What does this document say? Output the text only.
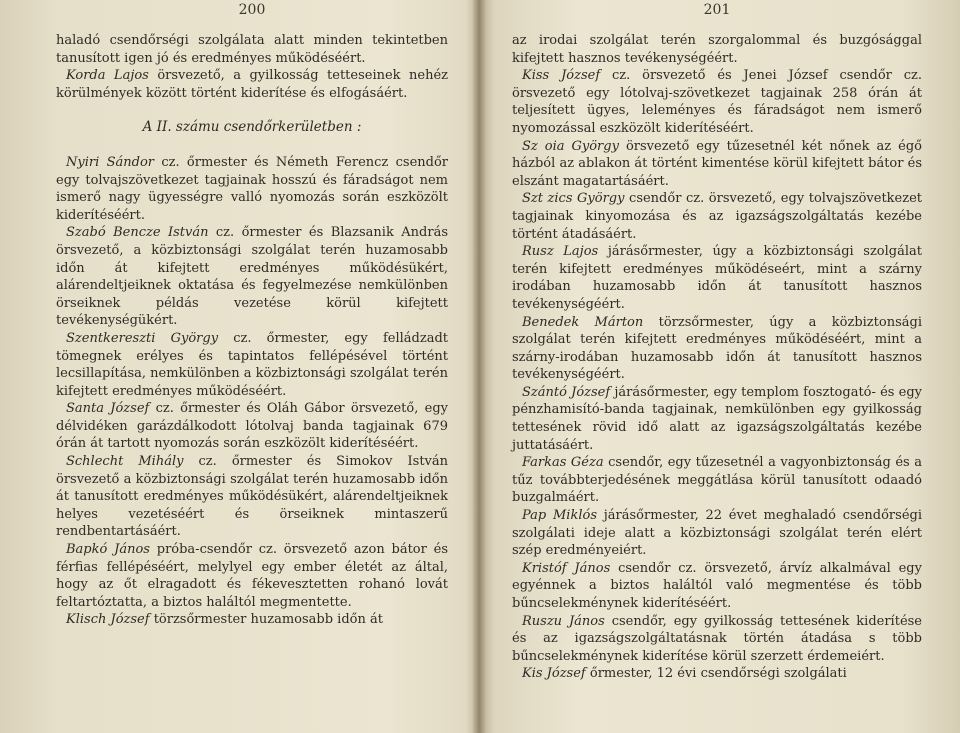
200

haladó csendőrségi szolgálata alatt minden tekintetben tanusított igen jó és eredményes működéséért.

Korda Lajos örsvezető, a gyilkosság tetteseinek nehéz körülmények között történt kiderítése és elfogásáért.

A II. számu csendőrkerületben :

Nyiri Sándor cz. őrmester és Németh Ferencz csendőr egy tolvajszövetkezet tagjainak hosszú és fáradságot nem ismerő nagy ügyességre valló nyomozás során eszközölt kiderítéséért.

Szabó Bencze István cz. őrmester és Blazsanik András örsvezető, a közbiztonsági szolgálat terén huzamosabb időn át kifejtett eredményes működésükért, alárendeltjeiknek oktatása és fegyelmezése nemkülönben örseiknek példás vezetése körül kifejtett tevékenységükért.

Szentkereszti György cz. őrmester, egy felládzadt tömegnek erélyes és tapintatos fellépésével történt lecsillapítása, nemkülönben a közbiztonsági szolgálat terén kifejtett eredményes működéséért.

Santa József cz. őrmester és Oláh Gábor örsvezető, egy délvidéken garázdálkodott lótolvaj banda tagjainak 679 órán át tartott nyomozás során eszközölt kiderítéséért.

Schlecht Mihály cz. őrmester és Simokov István örsvezető a közbiztonsági szolgálat terén huzamosabb időn át tanusított eredményes működésükért, alárendeltjeiknek helyes vezetéséért és örseiknek mintaszerű rendbentartásáért.

Bapkó János próba-csendőr cz. örsvezető azon bátor és férfias fellépéséért, melylyel egy ember életét az által, hogy az őt elragadott és fékevesztetten rohanó lovát feltartóztatta, a biztos haláltól megmentette.

Klisch József törzsőrmester huzamosabb időn át

201

az irodai szolgálat terén szorgalommal és buzgósággal kifejtett hasznos tevékenységéért.

Kiss József cz. örsvezető és Jenei József csendőr cz. örsvezető egy lótolvaj-szövetkezet tagjainak 258 órán át teljesített ügyes, leleményes és fáradságot nem ismerő nyomozással eszközölt kiderítéséért.

Sz oia György örsvezető egy tűzesetnél két nőnek az égő házból az ablakon át történt kimentése körül kifejtett bátor és elszánt magatartásáért.

Szt zics György csendőr cz. örsvezető, egy tolvajszövetkezet tagjainak kinyomozása és az igazságszolgáltatás kezébe történt átadásáért.

Rusz Lajos járásőrmester, úgy a közbiztonsági szolgálat terén kifejtett eredményes működéseért, mint a szárny irodában huzamosabb időn át tanusított hasznos tevékenységéért.

Benedek Márton törzsőrmester, úgy a közbiztonsági szolgálat terén kifejtett eredményes működéséért, mint a szárny-irodában huzamosabb időn át tanusított hasznos tevékenységéért.

Szántó József járásőrmester, egy templom fosztogató- és egy pénzhamisító-banda tagjainak, nemkülönben egy gyilkosság tettesének rövid idő alatt az igazságszolgáltatás kezébe juttatásáért.

Farkas Géza csendőr, egy tűzesetnél a vagyonbiztonság és a tűz továbbterjedésének meggátlása körül tanusított odaadó buzgalmáért.

Pap Miklós járásőrmester, 22 évet meghaladó csendőrségi szolgálati ideje alatt a közbiztonsági szolgálat terén elért szép eredményeiért.

Kristóf János csendőr cz. örsvezető, árvíz alkalmával egy egyénnek a biztos haláltól való megmentése és több bűncselekménynek kiderítéséért.

Ruszu János csendőr, egy gyilkosság tettesének kiderítése és az igazságszolgáltatásnak történ átadása s több bűncselekménynek kiderítése körül szerzett érdemeiért.

Kis József őrmester, 12 évi csendőrségi szolgálati
